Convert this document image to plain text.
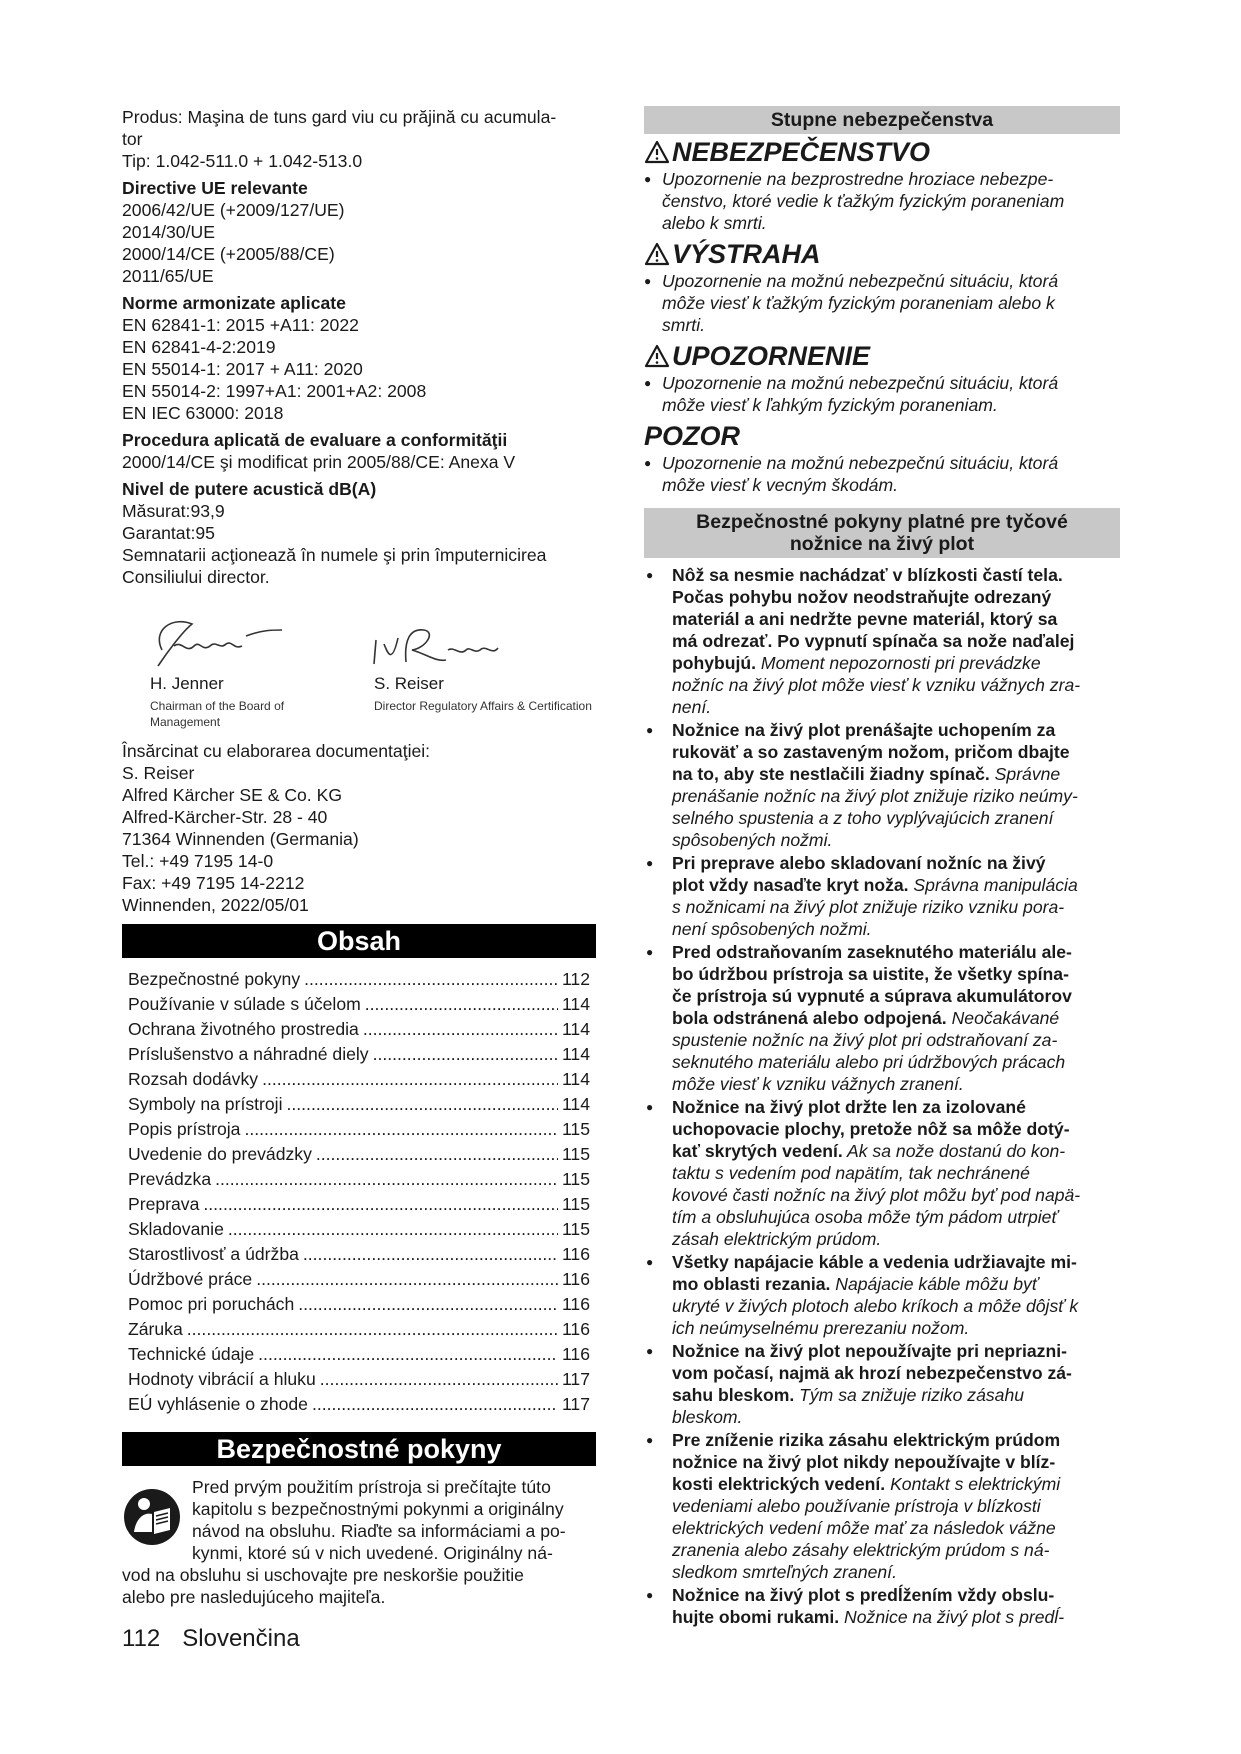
Produs: Maşina de tuns gard viu cu prăjină cu acumula-
tor
Tip: 1.042-511.0 + 1.042-513.0
Directive UE relevante
2006/42/UE (+2009/127/UE)
2014/30/UE
2000/14/CE (+2005/88/CE)
2011/65/UE
Norme armonizate aplicate
EN 62841-1: 2015 +A11: 2022
EN 62841-4-2:2019
EN 55014-1: 2017 + A11: 2020
EN 55014-2: 1997+A1: 2001+A2: 2008
EN IEC 63000: 2018
Procedura aplicată de evaluare a conformităţii
2000/14/CE şi modificat prin 2005/88/CE: Anexa V
Nivel de putere acustică dB(A)
Măsurat:93,9
Garantat:95
Semnatarii acţionează în numele şi prin împuternicirea
Consiliului director.
H. Jenner
Chairman of the Board of Management
S. Reiser
Director Regulatory Affairs & Certification
Însărcinat cu elaborarea documentaţiei:
S. Reiser
Alfred Kärcher SE & Co. KG
Alfred-Kärcher-Str. 28 - 40
71364 Winnenden (Germania)
Tel.: +49 7195 14-0
Fax: +49 7195 14-2212
Winnenden, 2022/05/01
Obsah
Bezpečnostné pokyny .....	112
Používanie v súlade s účelom .....	114
Ochrana životného prostredia .....	114
Príslušenstvo a náhradné diely .....	114
Rozsah dodávky .....	114
Symboly na prístroji .....	114
Popis prístroja .....	115
Uvedenie do prevádzky .....	115
Prevádzka .....	115
Preprava .....	115
Skladovanie .....	115
Starostlivosť a údržba .....	116
Údržbové práce .....	116
Pomoc pri poruchách .....	116
Záruka .....	116
Technické údaje .....	116
Hodnoty vibrácií a hluku .....	117
EÚ vyhlásenie o zhode .....	117
Bezpečnostné pokyny
Pred prvým použitím prístroja si prečítajte túto
kapitolu s bezpečnostnými pokynmi a originálny
návod na obsluhu. Riaďte sa informáciami a po-
kynmi, ktoré sú v nich uvedené. Originálny ná-
vod na obsluhu si uschovajte pre neskoršie použitie
alebo pre nasledujúceho majiteľa.
Stupne nebezpečenstva
NEBEZPEČENSTVO
● Upozornenie na bezprostredne hroziace nebezpe-
čenstvo, ktoré vedie k ťažkým fyzickým poraneniam
alebo k smrti.
VÝSTRAHA
● Upozornenie na možnú nebezpečnú situáciu, ktorá
môže viesť k ťažkým fyzickým poraneniam alebo k
smrti.
UPOZORNENIE
● Upozornenie na možnú nebezpečnú situáciu, ktorá
môže viesť k ľahkým fyzickým poraneniam.
POZOR
● Upozornenie na možnú nebezpečnú situáciu, ktorá
môže viesť k vecným škodám.
Bezpečnostné pokyny platné pre tyčové
nožnice na živý plot
● Nôž sa nesmie nachádzať v blízkosti častí tela.
Počas pohybu nožov neodstraňujte odrezaný
materiál a ani nedržte pevne materiál, ktorý sa
má odrezať. Po vypnutí spínača sa nože naďalej
pohybujú. Moment nepozornosti pri prevádzke
nožníc na živý plot môže viesť k vzniku vážnych zra-
není.
● Nožnice na živý plot prenášajte uchopením za
rukoväť a so zastaveným nožom, pričom dbajte
na to, aby ste nestlačili žiadny spínač. Správne
prenášanie nožníc na živý plot znižuje riziko neúmy-
selného spustenia a z toho vyplývajúcich zranení
spôsobených nožmi.
● Pri preprave alebo skladovaní nožníc na živý
plot vždy nasaďte kryt noža. Správna manipulácia
s nožnicami na živý plot znižuje riziko vzniku pora-
není spôsobených nožmi.
● Pred odstraňovaním zaseknutého materiálu ale-
bo údržbou prístroja sa uistite, že všetky spína-
če prístroja sú vypnuté a súprava akumulátorov
bola odstránená alebo odpojená. Neočakávané
spustenie nožníc na živý plot pri odstraňovaní za-
seknutého materiálu alebo pri údržbových prácach
môže viesť k vzniku vážnych zranení.
● Nožnice na živý plot držte len za izolované
uchopovacie plochy, pretože nôž sa môže dotý-
kať skrytých vedení. Ak sa nože dostanú do kon-
taktu s vedením pod napätím, tak nechránené
kovové časti nožníc na živý plot môžu byť pod napä-
tím a obsluhujúca osoba môže tým pádom utrpieť
zásah elektrickým prúdom.
● Všetky napájacie káble a vedenia udržiavajte mi-
mo oblasti rezania. Napájacie káble môžu byť
ukryté v živých plotoch alebo kríkoch a môže dôjsť k
ich neúmyselnému prerezaniu nožom.
● Nožnice na živý plot nepoužívajte pri nepriazni-
vom počasí, najmä ak hrozí nebezpečenstvo zá-
sahu bleskom. Tým sa znižuje riziko zásahu
bleskom.
● Pre zníženie rizika zásahu elektrickým prúdom
nožnice na živý plot nikdy nepoužívajte v blíz-
kosti elektrických vedení. Kontakt s elektrickými
vedeniami alebo používanie prístroja v blízkosti
elektrických vedení môže mať za následok vážne
zranenia alebo zásahy elektrickým prúdom s ná-
sledkom smrteľných zranení.
● Nožnice na živý plot s predĺžením vždy obslu-
hujte obomi rukami. Nožnice na živý plot s predĺ-
112 Slovenčina
